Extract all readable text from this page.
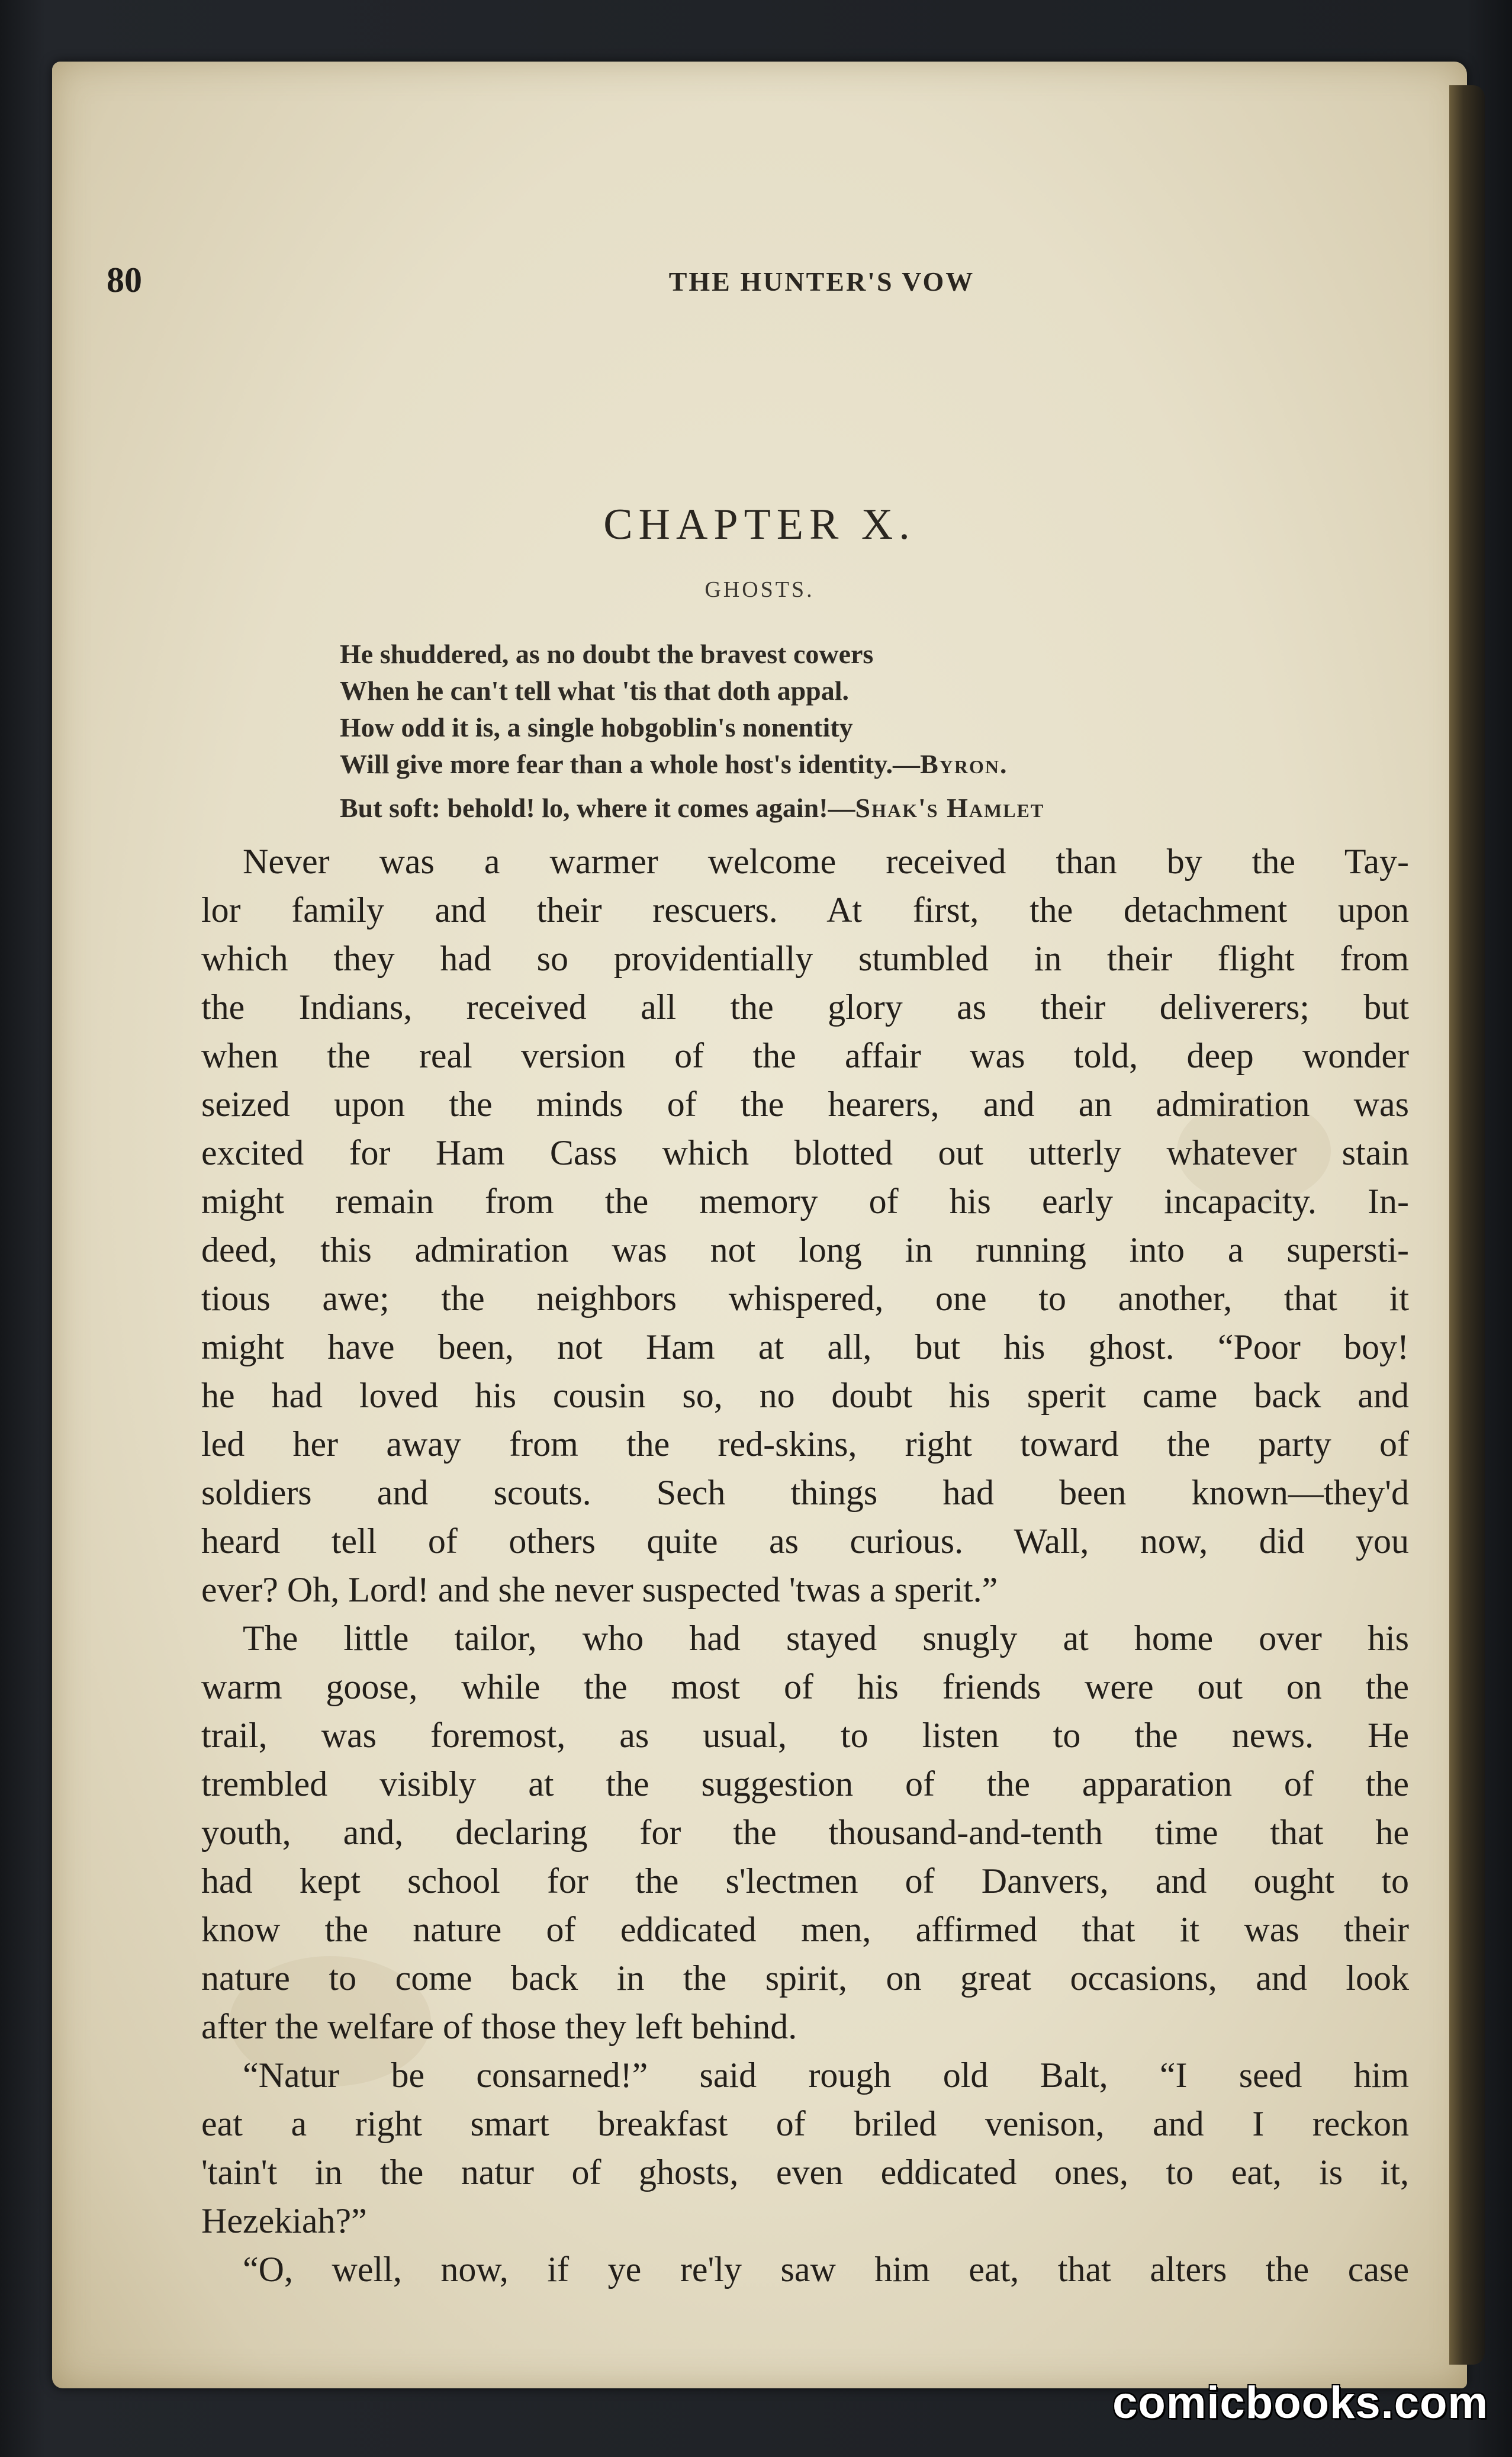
80	THE HUNTER'S VOW
CHAPTER X.
GHOSTS.
He shuddered, as no doubt the bravest cowers
When he can't tell what 'tis that doth appal.
How odd it is, a single hobgoblin's nonentity
Will give more fear than a whole host's identity.—Byron.
But soft: behold! lo, where it comes again!—Shak's Hamlet
Never was a warmer welcome received than by the Tay-
lor family and their rescuers. At first, the detachment upon
which they had so providentially stumbled in their flight from
the Indians, received all the glory as their deliverers; but
when the real version of the affair was told, deep wonder
seized upon the minds of the hearers, and an admiration was
excited for Ham Cass which blotted out utterly whatever stain
might remain from the memory of his early incapacity. In-
deed, this admiration was not long in running into a supersti-
tious awe; the neighbors whispered, one to another, that it
might have been, not Ham at all, but his ghost. “Poor boy!
he had loved his cousin so, no doubt his sperit came back and
led her away from the red-skins, right toward the party of
soldiers and scouts. Sech things had been known—they'd
heard tell of others quite as curious. Wall, now, did you
ever? Oh, Lord! and she never suspected 'twas a sperit.”
The little tailor, who had stayed snugly at home over his
warm goose, while the most of his friends were out on the
trail, was foremost, as usual, to listen to the news. He
trembled visibly at the suggestion of the apparation of the
youth, and, declaring for the thousand-and-tenth time that he
had kept school for the s'lectmen of Danvers, and ought to
know the nature of eddicated men, affirmed that it was their
nature to come back in the spirit, on great occasions, and look
after the welfare of those they left behind.
“Natur be consarned!” said rough old Balt, “I seed him
eat a right smart breakfast of briled venison, and I reckon
'tain't in the natur of ghosts, even eddicated ones, to eat, is it,
Hezekiah?”
“O, well, now, if ye re'ly saw him eat, that alters the case
comicbooks.com
